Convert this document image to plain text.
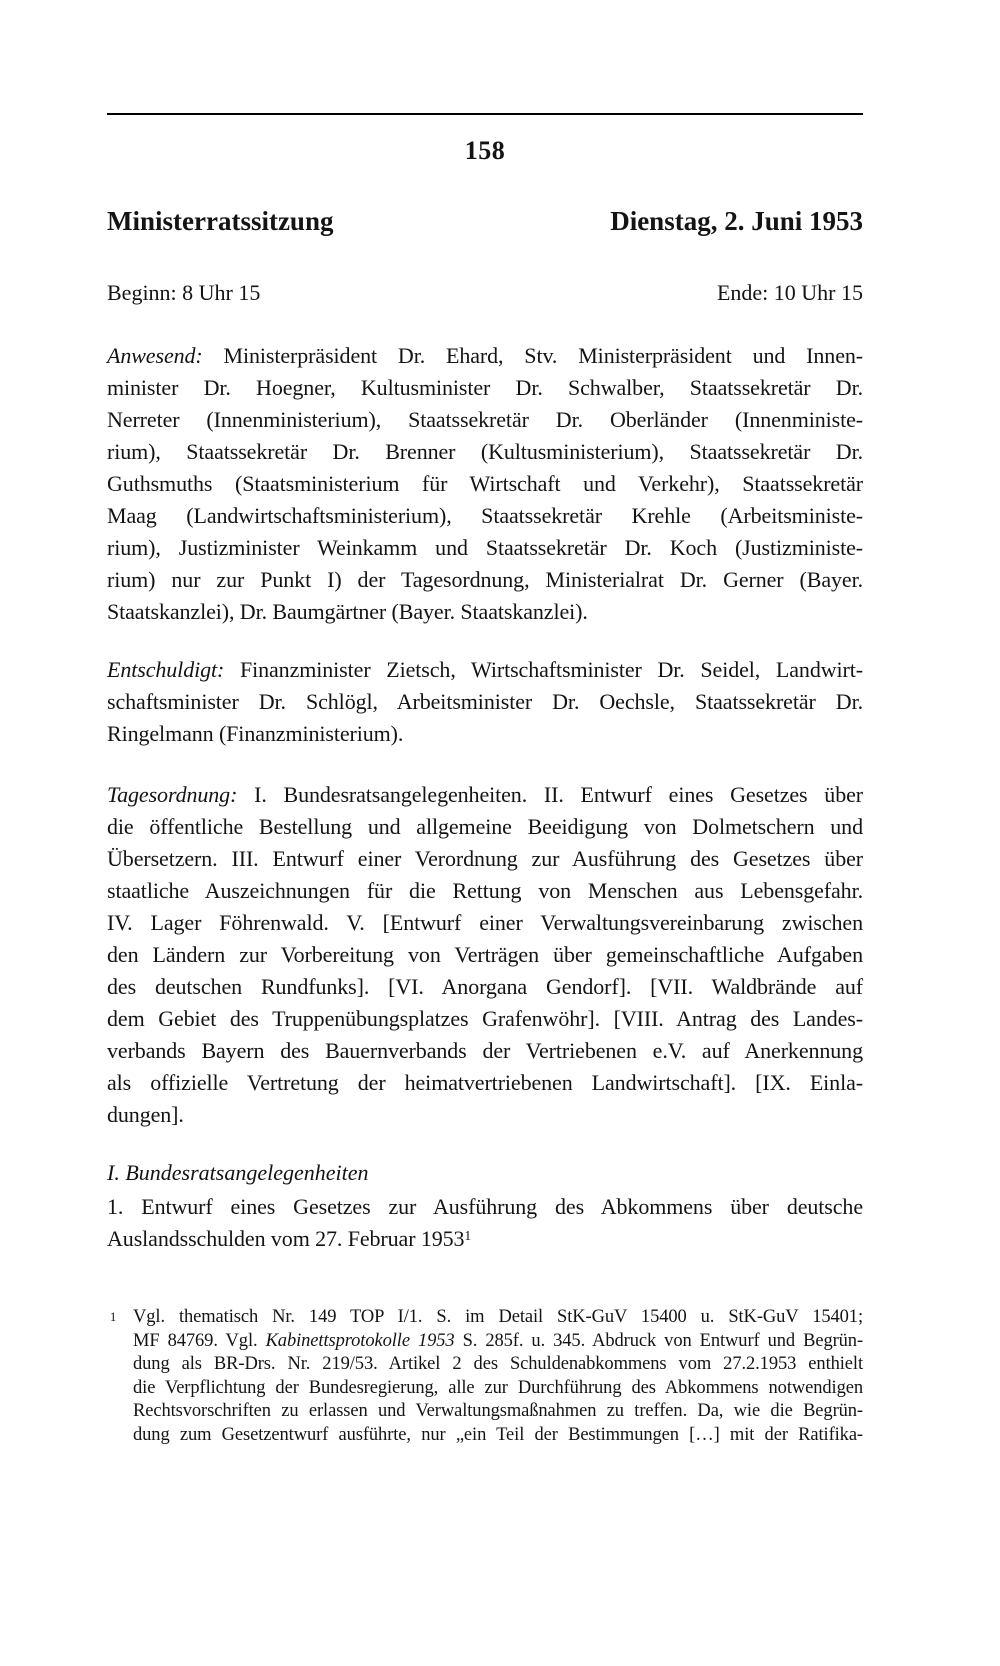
158
Ministerratssitzung	Dienstag, 2. Juni 1953
Beginn: 8 Uhr 15	Ende: 10 Uhr 15
Anwesend: Ministerpräsident Dr. Ehard, Stv. Ministerpräsident und Innen-
minister Dr. Hoegner, Kultusminister Dr. Schwalber, Staatssekretär Dr.
Nerreter (Innenministerium), Staatssekretär Dr. Oberländer (Innenministe-
rium), Staatssekretär Dr. Brenner (Kultusministerium), Staatssekretär Dr.
Guthsmuths (Staatsministerium für Wirtschaft und Verkehr), Staatssekretär
Maag (Landwirtschaftsministerium), Staatssekretär Krehle (Arbeitsministe-
rium), Justizminister Weinkamm und Staatssekretär Dr. Koch (Justizministe-
rium) nur zur Punkt I) der Tagesordnung, Ministerialrat Dr. Gerner (Bayer.
Staatskanzlei), Dr. Baumgärtner (Bayer. Staatskanzlei).
Entschuldigt: Finanzminister Zietsch, Wirtschaftsminister Dr. Seidel, Landwirt-
schaftsminister Dr. Schlögl, Arbeitsminister Dr. Oechsle, Staatssekretär Dr.
Ringelmann (Finanzministerium).
Tagesordnung: I. Bundesratsangelegenheiten. II. Entwurf eines Gesetzes über
die öffentliche Bestellung und allgemeine Beeidigung von Dolmetschern und
Übersetzern. III. Entwurf einer Verordnung zur Ausführung des Gesetzes über
staatliche Auszeichnungen für die Rettung von Menschen aus Lebensgefahr.
IV. Lager Föhrenwald. V. [Entwurf einer Verwaltungsvereinbarung zwischen
den Ländern zur Vorbereitung von Verträgen über gemeinschaftliche Aufgaben
des deutschen Rundfunks]. [VI. Anorgana Gendorf]. [VII. Waldbrände auf
dem Gebiet des Truppenübungsplatzes Grafenwöhr]. [VIII. Antrag des Landes-
verbands Bayern des Bauernverbands der Vertriebenen e.V. auf Anerkennung
als offizielle Vertretung der heimatvertriebenen Landwirtschaft]. [IX. Einla-
dungen].
I. Bundesratsangelegenheiten
1. Entwurf eines Gesetzes zur Ausführung des Abkommens über deutsche
Auslandsschulden vom 27. Februar 1953$^1$
1 Vgl. thematisch Nr. 149 TOP I/1. S. im Detail StK-GuV 15400 u. StK-GuV 15401;
MF 84769. Vgl. Kabinettsprotokolle 1953 S. 285f. u. 345. Abdruck von Entwurf und Begrün-
dung als BR-Drs. Nr. 219/53. Artikel 2 des Schuldenabkommens vom 27.2.1953 enthielt
die Verpflichtung der Bundesregierung, alle zur Durchführung des Abkommens notwendigen
Rechtsvorschriften zu erlassen und Verwaltungsmaßnahmen zu treffen. Da, wie die Begrün-
dung zum Gesetzentwurf ausführte, nur „ein Teil der Bestimmungen […] mit der Ratifika-
